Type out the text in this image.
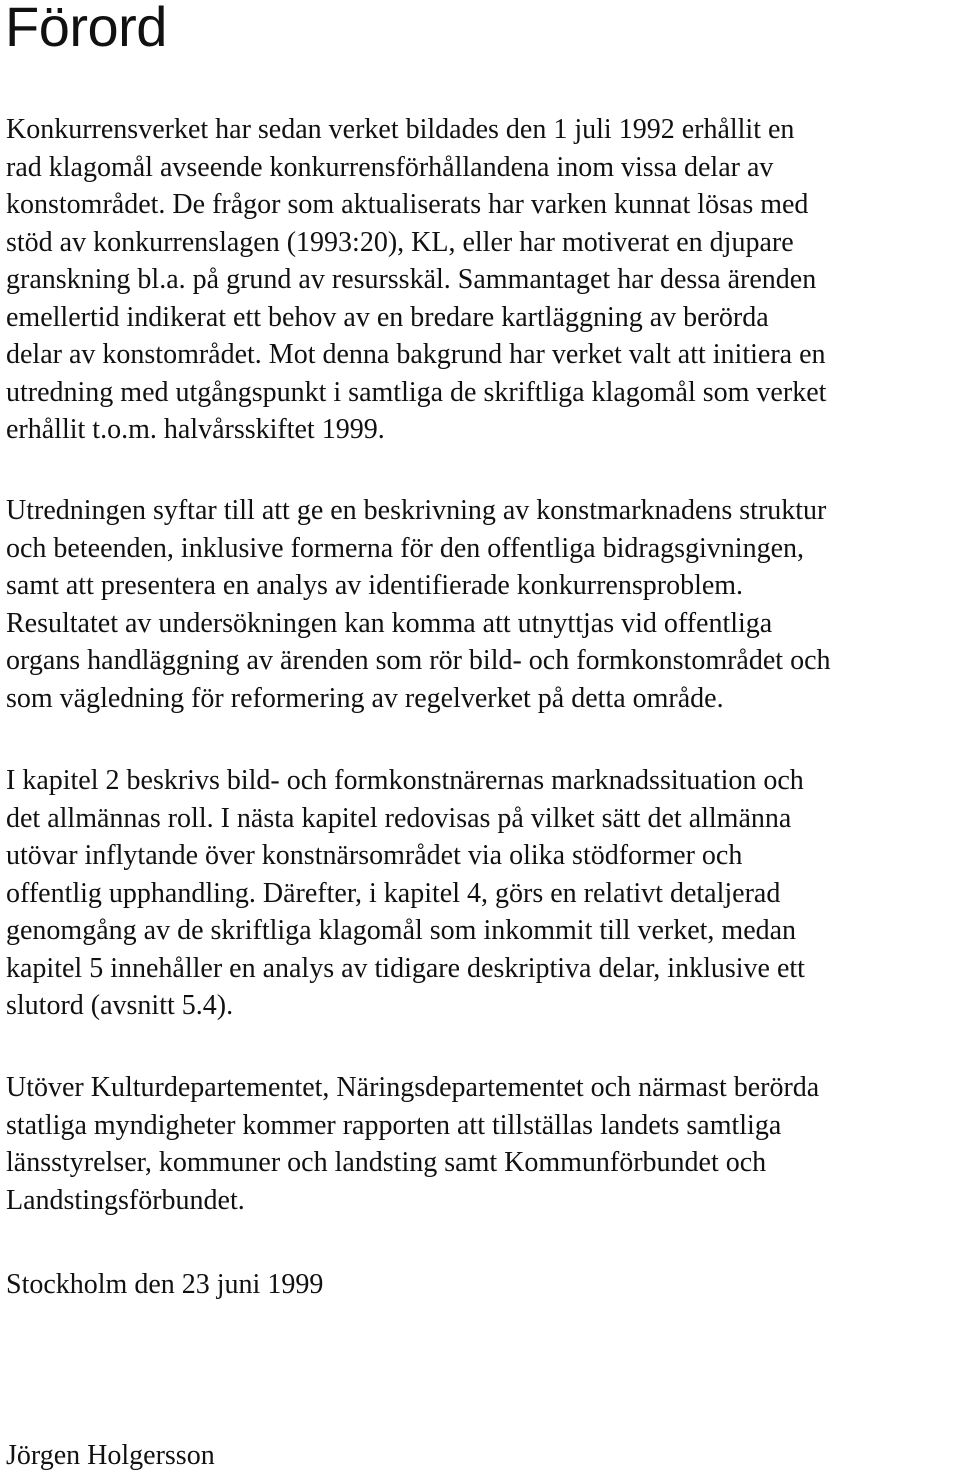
Förord
Konkurrensverket har sedan verket bildades den 1 juli 1992 erhållit en
rad klagomål avseende konkurrensförhållandena inom vissa delar av
konstområdet. De frågor som aktualiserats har varken kunnat lösas med
stöd av konkurrenslagen (1993:20), KL, eller har motiverat en djupare
granskning bl.a. på grund av resursskäl. Sammantaget har dessa ärenden
emellertid indikerat ett behov av en bredare kartläggning av berörda
delar av konstområdet. Mot denna bakgrund har verket valt att initiera en
utredning med utgångspunkt i samtliga de skriftliga klagomål som verket
erhållit t.o.m. halvårsskiftet 1999.
Utredningen syftar till att ge en beskrivning av konstmarknadens struktur
och beteenden, inklusive formerna för den offentliga bidragsgivningen,
samt att presentera en analys av identifierade konkurrensproblem.
Resultatet av undersökningen kan komma att utnyttjas vid offentliga
organs handläggning av ärenden som rör bild- och formkonstområdet och
som vägledning för reformering av regelverket på detta område.
I kapitel 2 beskrivs bild- och formkonstnärernas marknadssituation och
det allmännas roll. I nästa kapitel redovisas på vilket sätt det allmänna
utövar inflytande över konstnärsområdet via olika stödformer och
offentlig upphandling. Därefter, i kapitel 4, görs en relativt detaljerad
genomgång av de skriftliga klagomål som inkommit till verket, medan
kapitel 5 innehåller en analys av tidigare deskriptiva delar, inklusive ett
slutord (avsnitt 5.4).
Utöver Kulturdepartementet, Näringsdepartementet och närmast berörda
statliga myndigheter kommer rapporten att tillställas landets samtliga
länsstyrelser, kommuner och landsting samt Kommunförbundet och
Landstingsförbundet.

Stockholm den 23 juni 1999

Jörgen Holgersson
